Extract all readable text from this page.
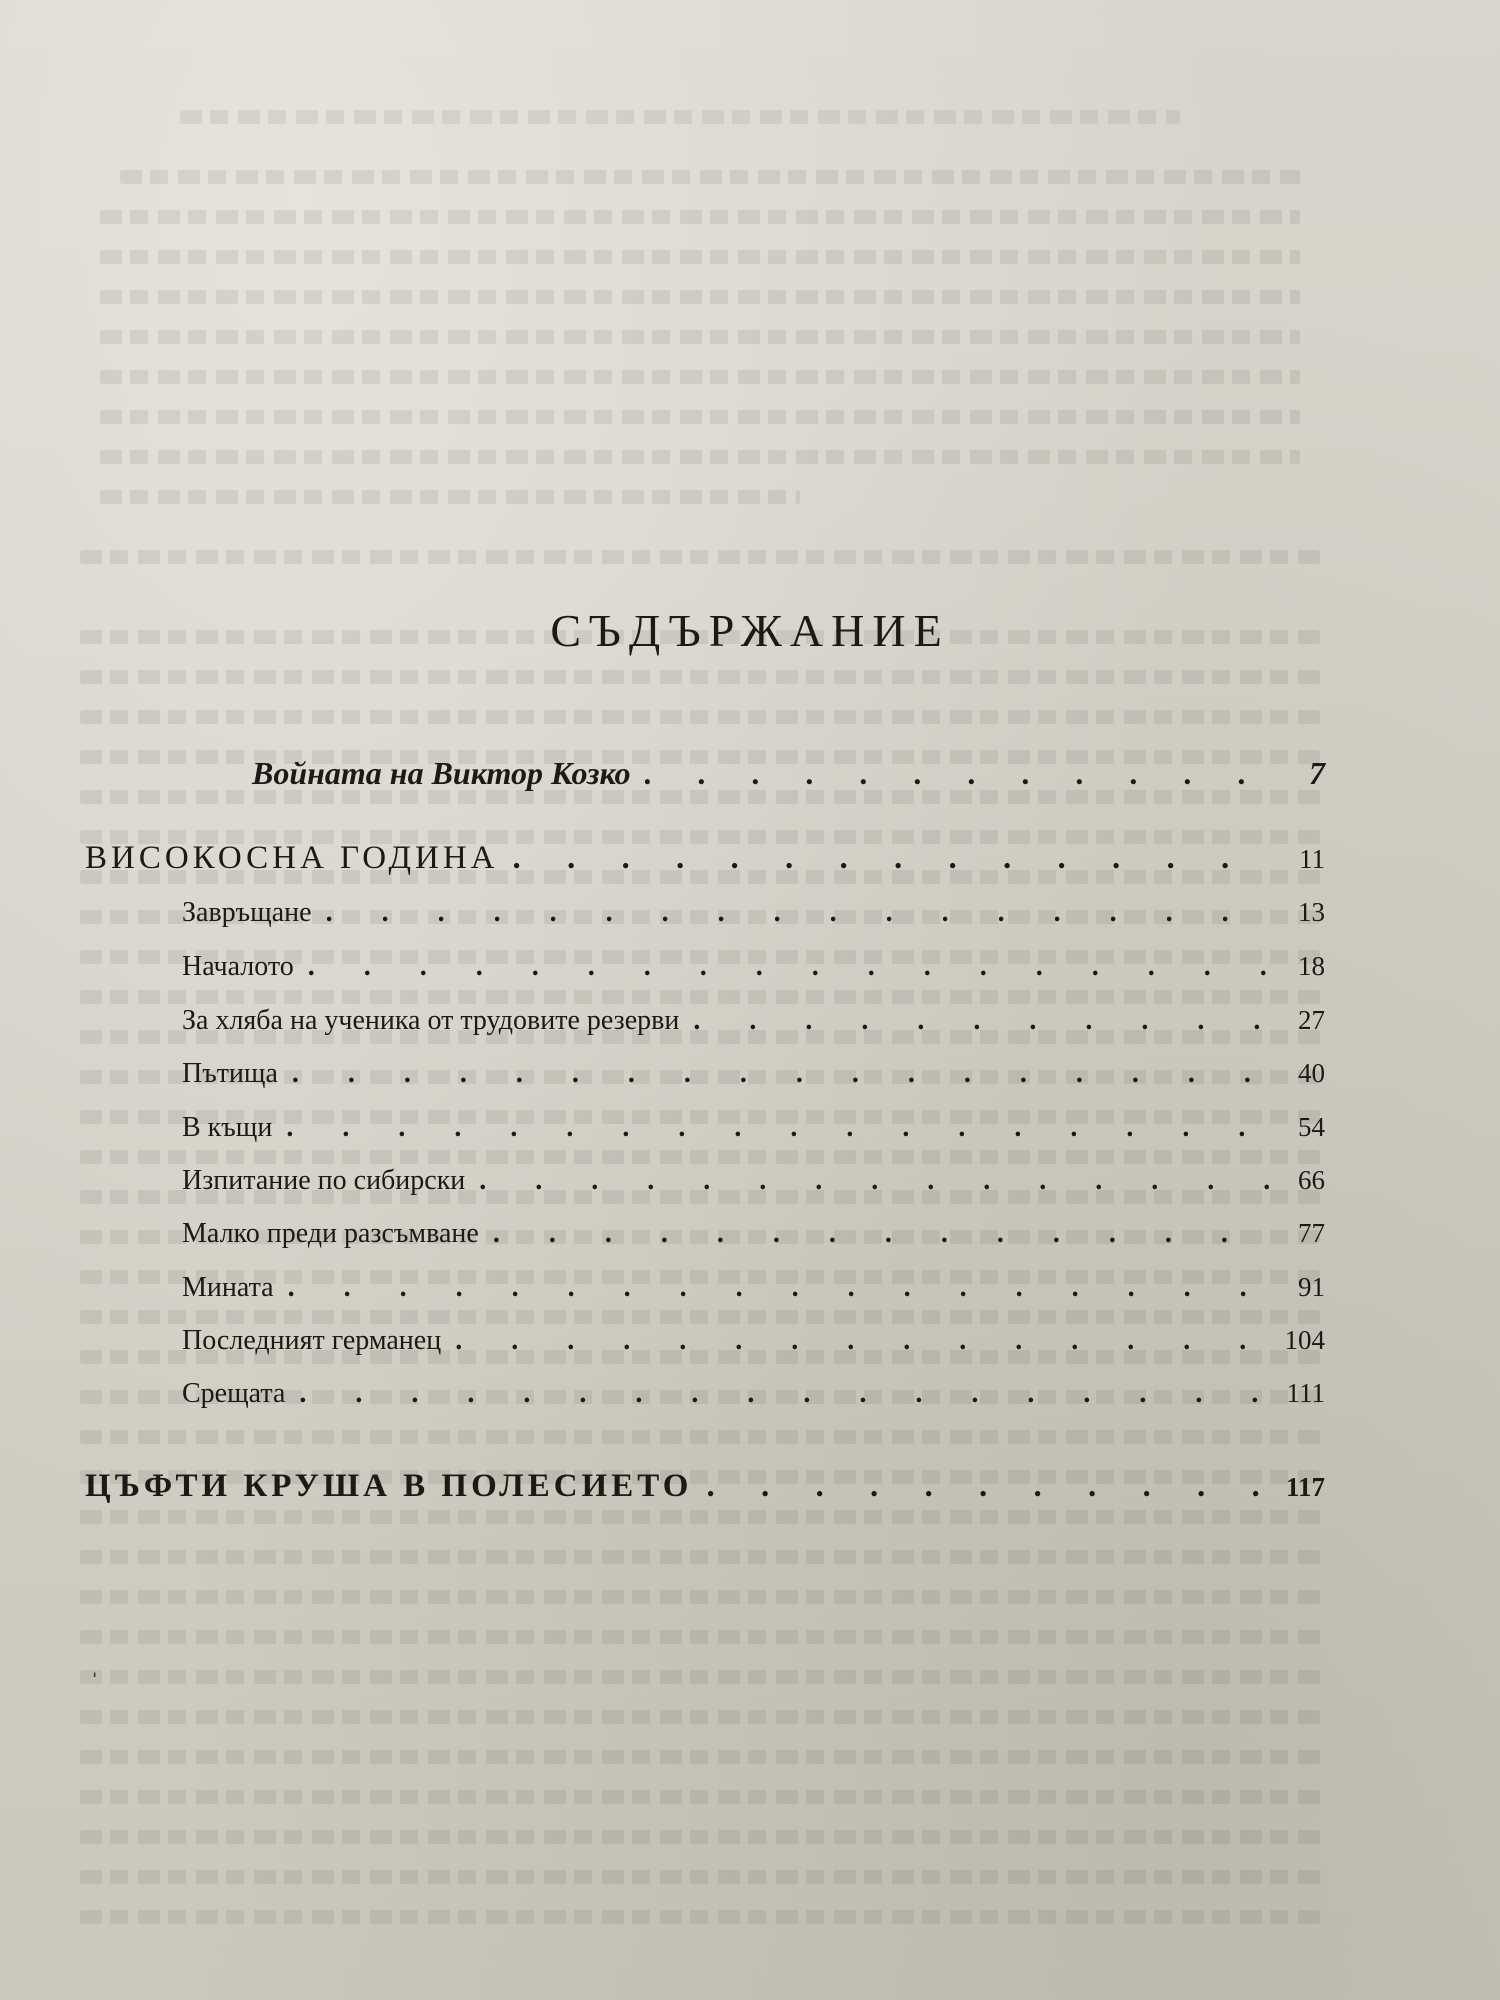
СЪДЪРЖАНИЕ
Войната на Виктор Козко . . .	7
ВИСОКОСНА ГОДИНА . . .	11
Завръщане . . .	13
Началото . . .	18
За хляба на ученика от трудовите резерви . . .	27
Пътища . . .	40
В къщи . . .	54
Изпитание по сибирски . . .	66
Малко преди разсъмване . . .	77
Мината . . .	91
Последният германец . . .	104
Срещата . . .	111
ЦЪФТИ КРУША В ПОЛЕСИЕТО . . .	117
ˌ
